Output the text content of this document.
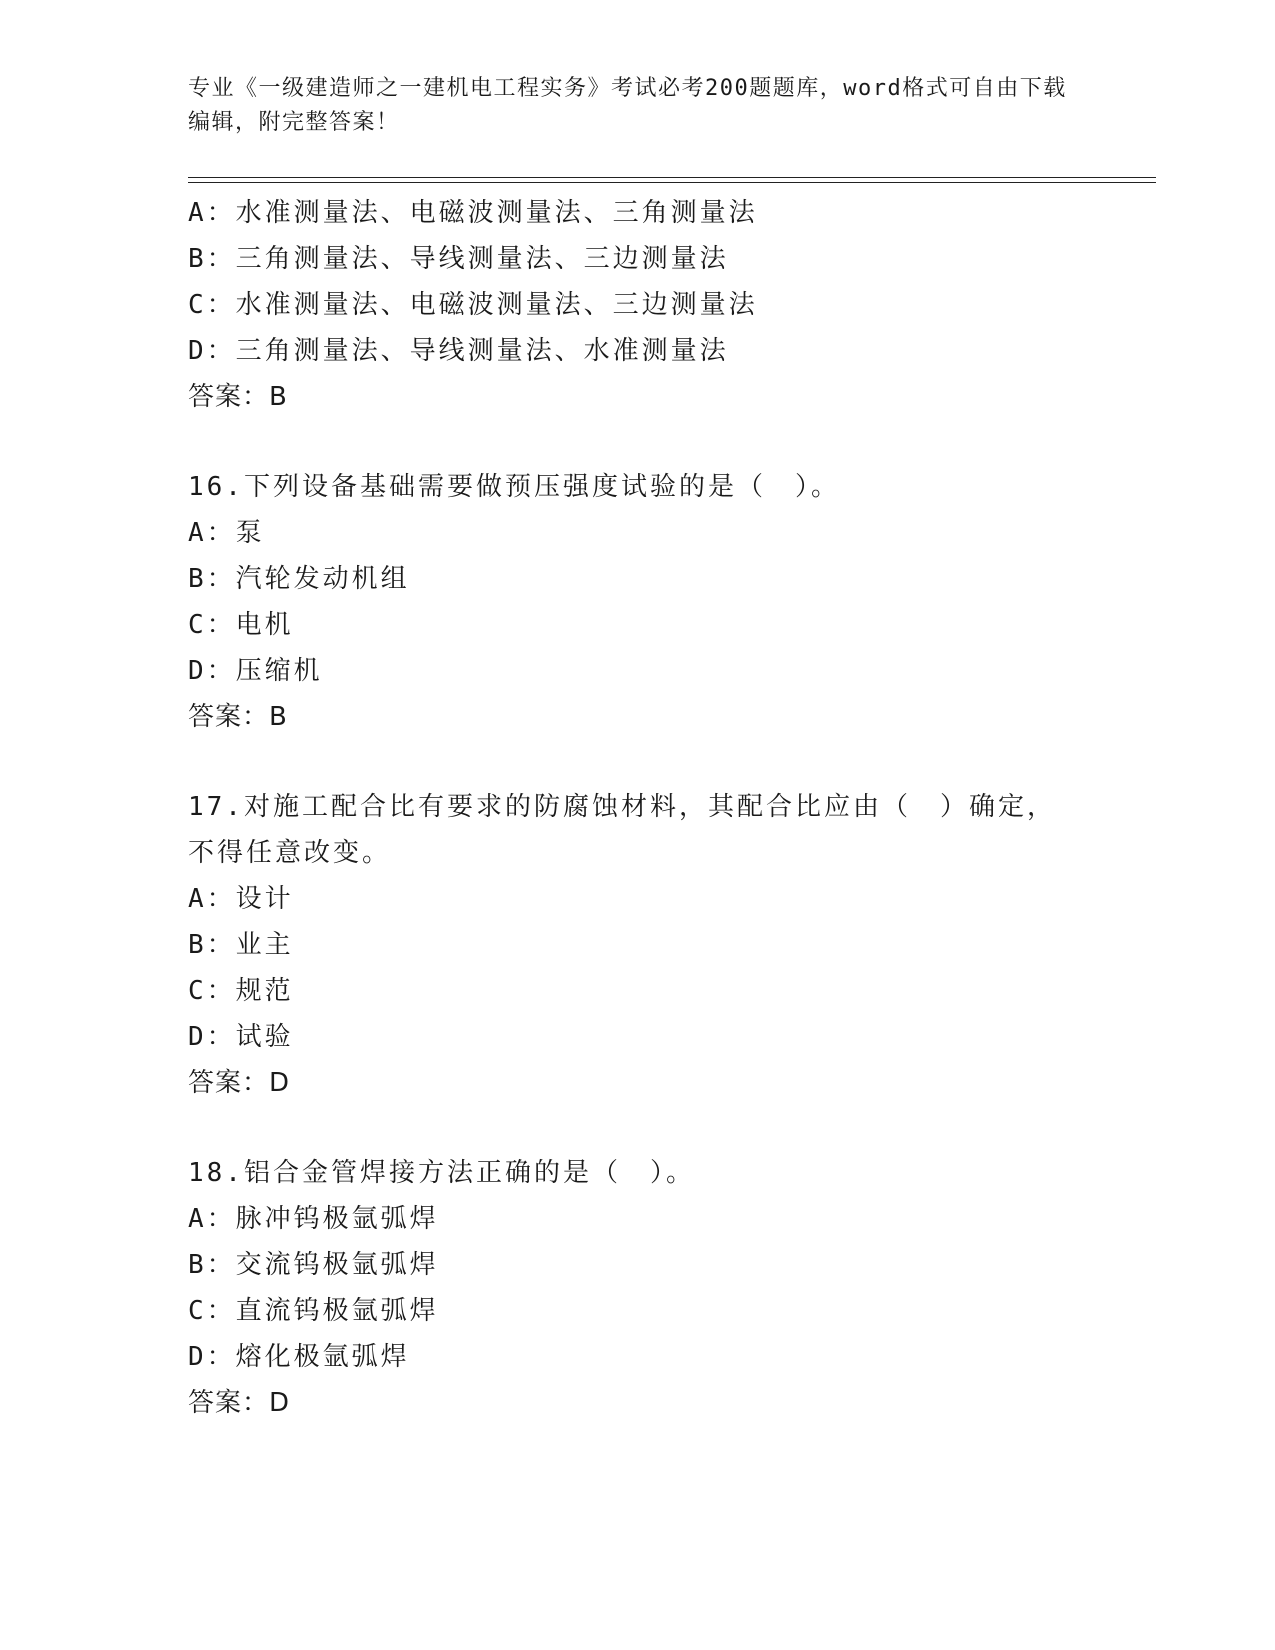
专业《一级建造师之一建机电工程实务》考试必考200题题库，word格式可自由下载编辑，附完整答案！
A：水准测量法、电磁波测量法、三角测量法
B：三角测量法、导线测量法、三边测量法
C：水准测量法、电磁波测量法、三边测量法
D：三角测量法、导线测量法、水准测量法
答案：B
16.下列设备基础需要做预压强度试验的是（　）。
A：泵
B：汽轮发动机组
C：电机
D：压缩机
答案：B
17.对施工配合比有要求的防腐蚀材料，其配合比应由（　）确定，不得任意改变。
A：设计
B：业主
C：规范
D：试验
答案：D
18.铝合金管焊接方法正确的是（　）。
A：脉冲钨极氩弧焊
B：交流钨极氩弧焊
C：直流钨极氩弧焊
D：熔化极氩弧焊
答案：D
